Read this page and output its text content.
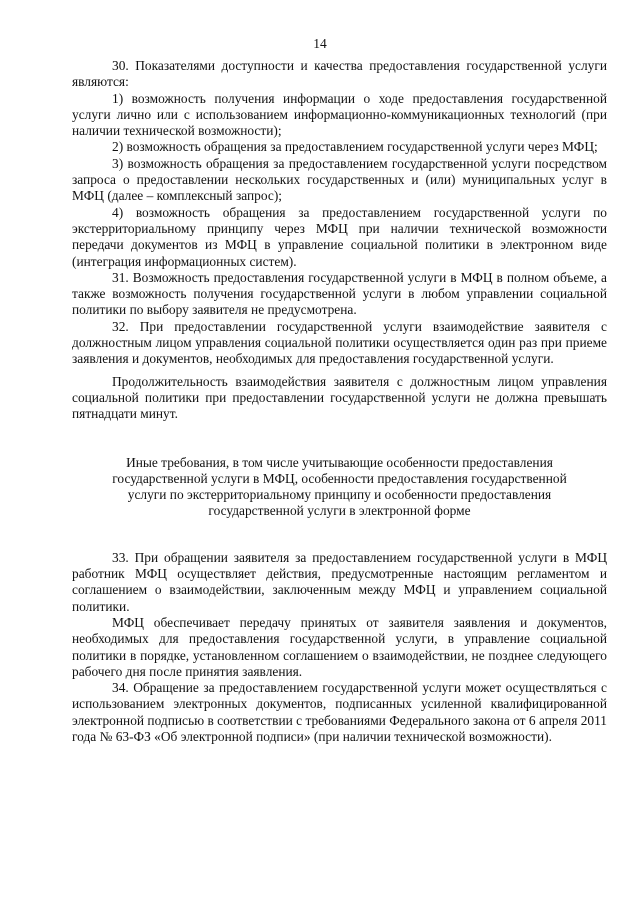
14

30. Показателями доступности и качества предоставления государственной услуги являются:

1) возможность получения информации о ходе предоставления государственной услуги лично или с использованием информационно-коммуникационных технологий (при наличии технической возможности);

2) возможность обращения за предоставлением государственной услуги через МФЦ;

3) возможность обращения за предоставлением государственной услуги посредством запроса о предоставлении нескольких государственных и (или) муниципальных услуг в МФЦ (далее – комплексный запрос);

4) возможность обращения за предоставлением государственной услуги по экстерриториальному принципу через МФЦ при наличии технической возможности передачи документов из МФЦ в управление социальной политики в электронном виде (интеграция информационных систем).

31. Возможность предоставления государственной услуги в МФЦ в полном объеме, а также возможность получения государственной услуги в любом управлении социальной политики по выбору заявителя не предусмотрена.

32. При предоставлении государственной услуги взаимодействие заявителя с должностным лицом управления социальной политики осуществляется один раз при приеме заявления и документов, необходимых для предоставления государственной услуги.

Продолжительность взаимодействия заявителя с должностным лицом управления социальной политики при предоставлении государственной услуги не должна превышать пятнадцати минут.

Иные требования, в том числе учитывающие особенности предоставления государственной услуги в МФЦ, особенности предоставления государственной услуги по экстерриториальному принципу и особенности предоставления государственной услуги в электронной форме

33. При обращении заявителя за предоставлением государственной услуги в МФЦ работник МФЦ осуществляет действия, предусмотренные настоящим регламентом и соглашением о взаимодействии, заключенным между МФЦ и управлением социальной политики.

МФЦ обеспечивает передачу принятых от заявителя заявления и документов, необходимых для предоставления государственной услуги, в управление социальной политики в порядке, установленном соглашением о взаимодействии, не позднее следующего рабочего дня после принятия заявления.

34. Обращение за предоставлением государственной услуги может осуществляться с использованием электронных документов, подписанных усиленной квалифицированной электронной подписью в соответствии с требованиями Федерального закона от 6 апреля 2011 года № 63-ФЗ «Об электронной подписи» (при наличии технической возможности).
